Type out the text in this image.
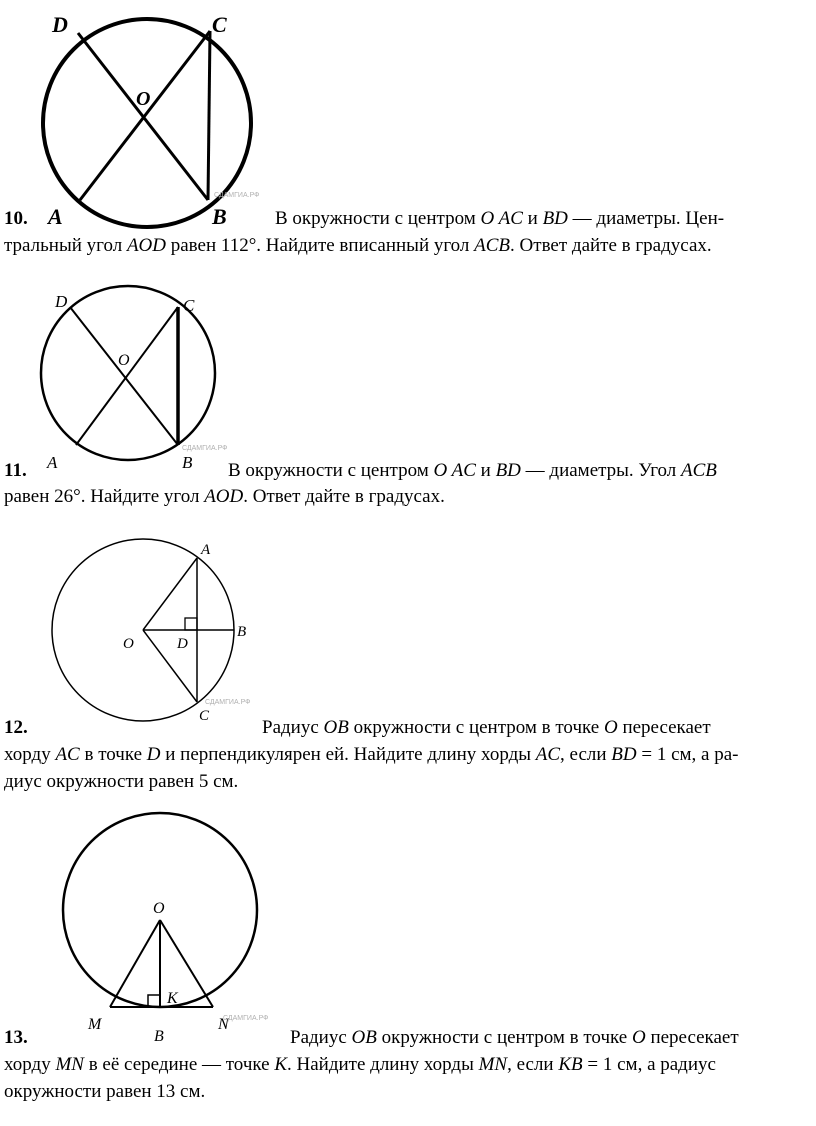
D	C
O
A	B
СДАМГИА.РФ
10.	В окружности с центром O AC и BD — диаметры. Цен-
тральный угол AOD равен 112°. Найдите вписанный угол ACB. Ответ дайте в градусах.
D	C
O
A	B
СДАМГИА.РФ
11.	В окружности с центром O AC и BD — диаметры. Угол ACB
равен 26°. Найдите угол AOD. Ответ дайте в градусах.
A
O	D
B
C
СДАМГИА.РФ
12.	Радиус OB окружности с центром в точке O пересекает
хорду AC в точке D и перпендикулярен ей. Найдите длину хорды AC, если BD = 1 см, а ра-
диус окружности равен 5 см.
O
K
M
B
N
СДАМГИА.РФ
13.	Радиус OB окружности с центром в точке O пересекает
хорду MN в её середине — точке K. Найдите длину хорды MN, если KB = 1 см, а радиус
окружности равен 13 см.
